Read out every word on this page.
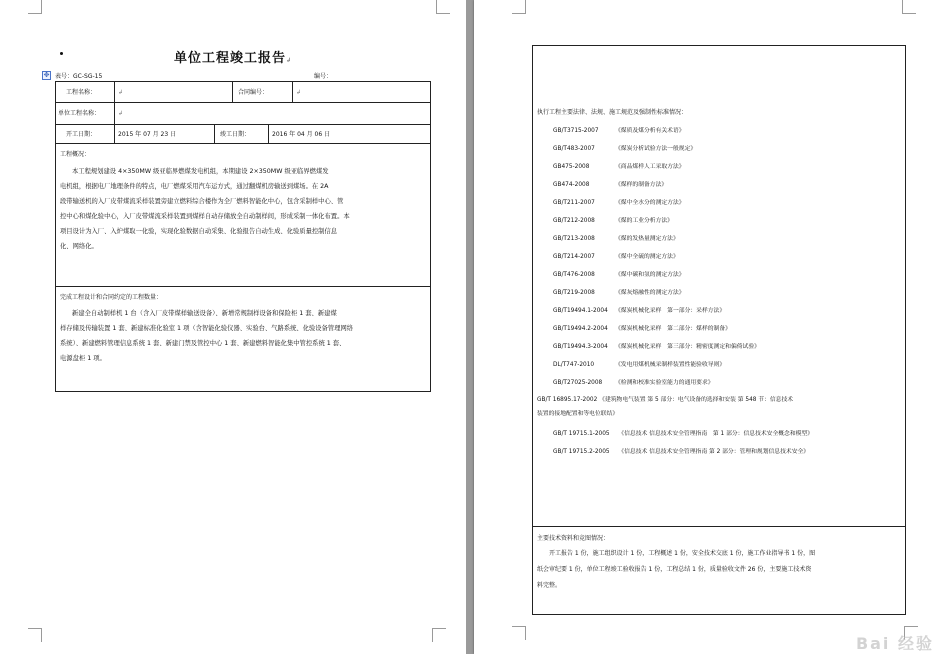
单位工程竣工报告↲
✥ 表号：GC-SG-15	编号：
工程名称：	↲	合同编号：	↲
单位工程名称：	↲
开工日期：	2015 年 07 月 23 日	竣工日期：	2016 年 04 月 06 日
工程概况：
本工程规划建设 4×350MW 级亚临界燃煤发电机组，本期建设 2×350MW 级亚临界燃煤发
电机组，根据电厂地理条件的特点，电厂燃煤采用汽车运方式，通过翻煤机房输送到煤场。在 2A
段带输送机的入厂皮带煤流采样装置旁建立燃料综合楼作为全厂燃料智能化中心，包含采制样中心、管
控中心和煤化验中心，入厂皮带煤流采样装置到煤样自动存储放全自动制样间，形成采制一体化布置。本
项目设计为入厂、入炉煤取一化验，实现化验数据自动采集、化验报告自动生成、化验质量控制信息
化、网络化。
完成工程设计和合同约定的工程数量：
新建全自动制样机 1 台（含入厂皮带煤样输送设备）、新增常规制样设备和保险柜 1 套、新建煤
样存储及传输装置 1 套、新建标准化验室 1 项（含智能化验仪器、实验台、气路系统、化验设备管理网络
系统）、新建燃料管理信息系统 1 套、新建门禁及管控中心 1 套、新建燃料智能化集中管控系统 1 套、
电源盘柜 1 项。
执行工程主要法律、法规、施工规范及强制性标准情况：
GB/T3715-2007	《煤质及煤分析有关术语》
GB/T483-2007	《煤炭分析试验方法一般规定》
GB475-2008	《商品煤样人工采取方法》
GB474-2008	《煤样的制备方法》
GB/T211-2007	《煤中全水分的测定方法》
GB/T212-2008	《煤的工业分析方法》
GB/T213-2008	《煤的发热量测定方法》
GB/T214-2007	《煤中全硫的测定方法》
GB/T476-2008	《煤中碳和氢的测定方法》
GB/T219-2008	《煤灰熔融性的测定方法》
GB/T19494.1-2004 《煤炭机械化采样　第一部分：采样方法》
GB/T19494.2-2004 《煤炭机械化采样　第二部分：煤样的制备》
GB/T19494.3-2004 《煤炭机械化采样　第三部分：精密度测定和偏倚试验》
DL/T747-2010	《发电用煤机械采制样装置性能验收导则》
GB/T27025-2008 《检测和校准实验室能力的通用要求》
GB/T 16895.17-2002 《建筑物电气装置 第 5 部分：电气设备的选择和安装 第 548 节：信息技术
装置的接地配置和等电位联结》
GB/T 19715.1-2005　　《信息技术 信息技术安全管理指南　第 1 部分：信息技术安全概念和模型》
GB/T 19715.2-2005　　《信息技术 信息技术安全管理指南 第 2 部分：管理和规划信息技术安全》
主要技术资料和竞图情况：
开工报告 1 份，施工组织设计 1 份，工程概述 1 份，安全技术交底 1 份，施工作业指导书 1 份，图
纸会审纪要 1 份，单位工程竣工验收报告 1 份，工程总结 1 份，质量验收文件 26 份，主要施工技术资
料完整。
Bai 经验
